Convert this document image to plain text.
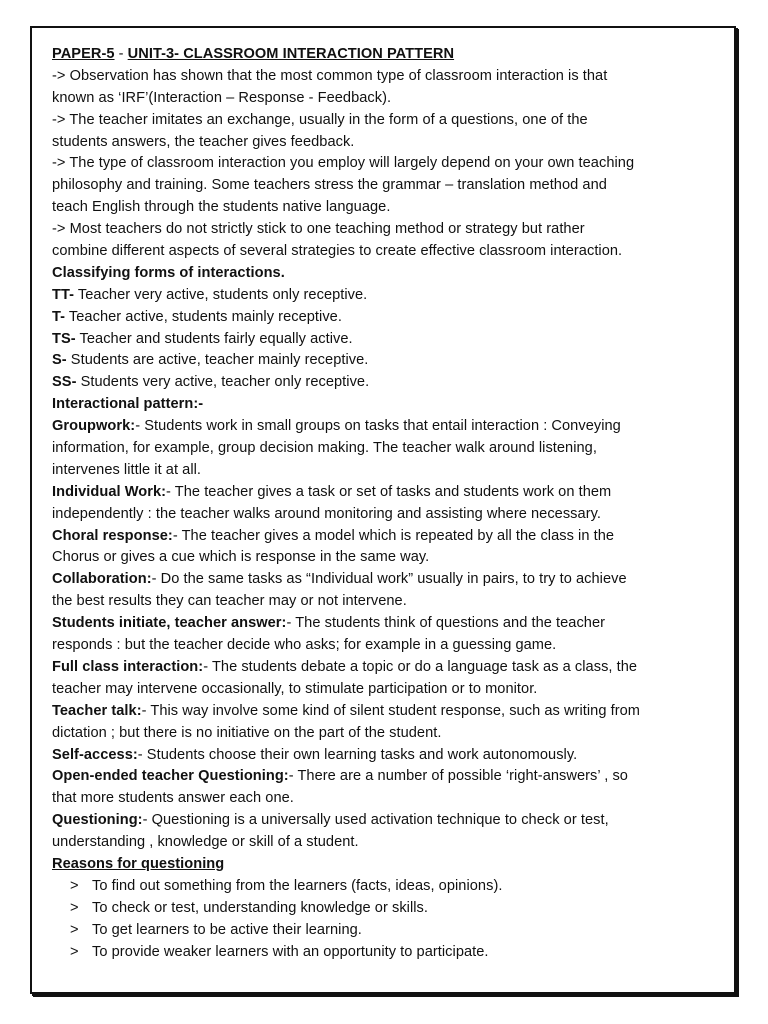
PAPER-5 - UNIT-3- CLASSROOM INTERACTION PATTERN
-> Observation has shown that the most common type of classroom interaction is that
known as ‘IRF’(Interaction – Response - Feedback).
-> The teacher imitates an exchange, usually in the form of a questions, one of the
students answers, the teacher gives feedback.
-> The type of classroom interaction you employ will largely depend on your own teaching
philosophy and training. Some teachers stress the grammar – translation method and
teach English through the students native language.
-> Most teachers do not strictly stick to one teaching method or strategy but rather
combine different aspects of several strategies to create effective classroom interaction.
Classifying forms of interactions.
TT- Teacher very active, students only receptive.
T- Teacher active, students mainly receptive.
TS- Teacher and students fairly equally active.
S- Students are active, teacher mainly receptive.
SS- Students very active, teacher only receptive.
Interactional pattern:-
Groupwork:- Students work in small groups on tasks that entail interaction : Conveying
information, for example, group decision making. The teacher walk around listening,
intervenes little it at all.
Individual Work:- The teacher gives a task or set of tasks and students work on them
independently : the teacher walks around monitoring and assisting where necessary.
Choral response:- The teacher gives a model which is repeated by all the class in the
Chorus or gives a cue which is response in the same way.
Collaboration:- Do the same tasks as “Individual work” usually in pairs, to try to achieve
the best results they can teacher may or not intervene.
Students initiate, teacher answer:- The students think of questions and the teacher
responds : but the teacher decide who asks; for example in a guessing game.
Full class interaction:- The students debate a topic or do a language task as a class, the
teacher may intervene occasionally, to stimulate participation or to monitor.
Teacher talk:- This way involve some kind of silent student response, such as writing from
dictation ; but there is no initiative on the part of the student.
Self-access:- Students choose their own learning tasks and work autonomously.
Open-ended teacher Questioning:- There are a number of possible ‘right-answers’ , so
that more students answer each one.
Questioning:- Questioning is a universally used activation technique to check or test,
understanding , knowledge or skill of a student.
Reasons for questioning
> To find out something from the learners (facts, ideas, opinions).
> To check or test, understanding knowledge or skills.
> To get learners to be active their learning.
> To provide weaker learners with an opportunity to participate.
